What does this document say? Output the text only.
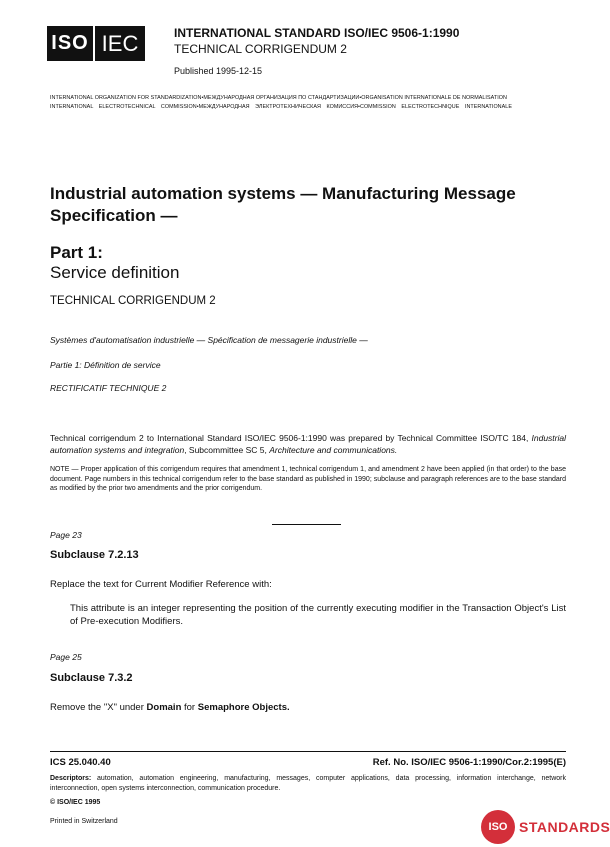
ISO IEC	INTERNATIONAL STANDARD ISO/IEC 9506-1:1990
TECHNICAL CORRIGENDUM 2
Published 1995-12-15
INTERNATIONAL ORGANIZATION FOR STANDARDIZATION•МЕЖДУНАРОДНАЯ ОРГАНИЗАЦИЯ ПО СТАНДАРТИЗАЦИИ•ORGANISATION INTERNATIONALE DE NORMALISATION
INTERNATIONAL ELECTROTECHNICAL COMMISSION•МЕЖДУНАРОДНАЯ ЭЛЕКТРОТЕХНИЧЕСКАЯ КОМИССИЯ•COMMISSION ELECTROTECHNIQUE INTERNATIONALE
Industrial automation systems — Manufacturing Message Specification —
Part 1:
Service definition
TECHNICAL CORRIGENDUM 2
Systèmes d'automatisation industrielle — Spécification de messagerie industrielle —
Partie 1: Définition de service
RECTIFICATIF TECHNIQUE 2

Technical corrigendum 2 to International Standard ISO/IEC 9506-1:1990 was prepared by Technical Committee ISO/TC 184, Industrial automation systems and integration, Subcommittee SC 5, Architecture and communications.

NOTE — Proper application of this corrigendum requires that amendment 1, technical corrigendum 1, and amendment 2 have been applied (in that order) to the base document. Page numbers in this technical corrigendum refer to the base standard as published in 1990; subclause and paragraph references are to the base standard as modified by the prior two amendments and the prior corrigendum.

Page 23
Subclause 7.2.13
Replace the text for Current Modifier Reference with:

This attribute is an integer representing the position of the currently executing modifier in the Transaction Object's List of Pre-execution Modifiers.

Page 25
Subclause 7.3.2
Remove the "X" under Domain for Semaphore Objects.
ICS 25.040.40	Ref. No. ISO/IEC 9506-1:1990/Cor.2:1995(E)

Descriptors: automation, automation engineering, manufacturing, messages, computer applications, data processing, information interchange, network interconnection, open systems interconnection, communication procedure.

© ISO/IEC 1995
Printed in Switzerland	ISO STANDARDS
